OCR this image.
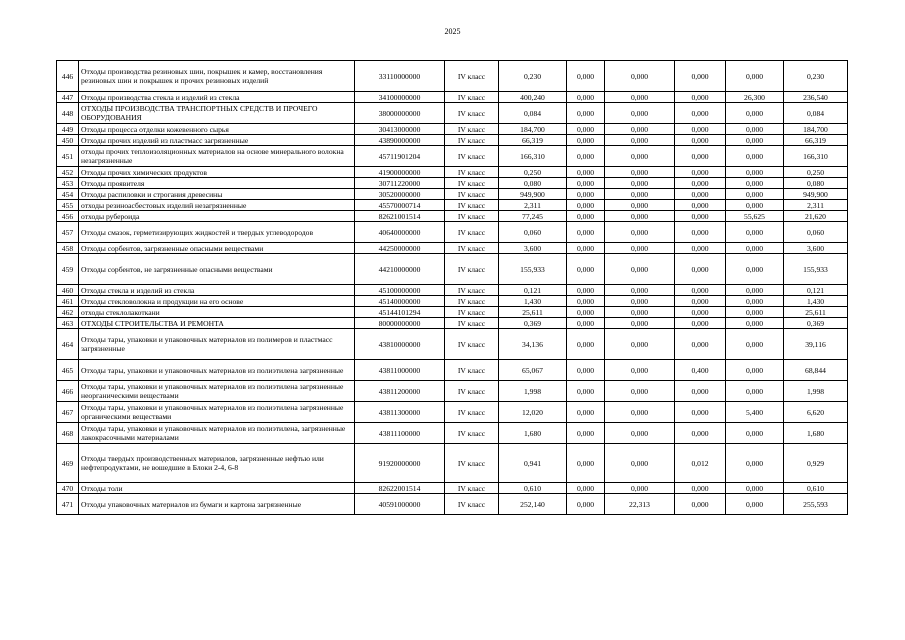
2025
446	Отходы производства резиновых шин, покрышек и камер, восстановления резиновых шин и покрышек и прочих резиновых изделий	33110000000	IV класс	0,230	0,000	0,000	0,000	0,000	0,230
447	Отходы производства стекла и изделий из стекла	34100000000	IV класс	400,240	0,000	0,000	0,000	26,300	236,540
448	ОТХОДЫ ПРОИЗВОДСТВА ТРАНСПОРТНЫХ СРЕДСТВ И ПРОЧЕГО ОБОРУДОВАНИЯ	38000000000	IV класс	0,084	0,000	0,000	0,000	0,000	0,084
449	Отходы процесса отделки кожевенного сырья	30413000000	IV класс	184,700	0,000	0,000	0,000	0,000	184,700
450	Отходы прочих изделий из пластмасс загрязненные	43890000000	IV класс	66,319	0,000	0,000	0,000	0,000	66,319
451	отходы прочих теплоизоляционных материалов на основе минерального волокна незагрязненные	45711901204	IV класс	166,310	0,000	0,000	0,000	0,000	166,310
452	Отходы прочих химических продуктов	41900000000	IV класс	0,250	0,000	0,000	0,000	0,000	0,250
453	Отходы проявителя	30711220000	IV класс	0,080	0,000	0,000	0,000	0,000	0,080
454	Отходы распиловки и строгания древесины	30520000000	IV класс	949,900	0,000	0,000	0,000	0,000	949,900
455	отходы резиноасбестовых изделий незагрязненные	45570000714	IV класс	2,311	0,000	0,000	0,000	0,000	2,311
456	отходы рубероида	82621001514	IV класс	77,245	0,000	0,000	0,000	55,625	21,620
457	Отходы смазок, герметизирующих жидкостей и твердых углеводородов	40640000000	IV класс	0,060	0,000	0,000	0,000	0,000	0,060
458	Отходы сорбентов, загрязненные опасными веществами	44250000000	IV класс	3,600	0,000	0,000	0,000	0,000	3,600
459	Отходы сорбентов, не загрязненные опасными веществами	44210000000	IV класс	155,933	0,000	0,000	0,000	0,000	155,933
460	Отходы стекла и изделий из стекла	45100000000	IV класс	0,121	0,000	0,000	0,000	0,000	0,121
461	Отходы стекловолокна и продукции на его основе	45140000000	IV класс	1,430	0,000	0,000	0,000	0,000	1,430
462	отходы стеклолакоткани	45144101294	IV класс	25,611	0,000	0,000	0,000	0,000	25,611
463	ОТХОДЫ СТРОИТЕЛЬСТВА И РЕМОНТА	80000000000	IV класс	0,369	0,000	0,000	0,000	0,000	0,369
464	Отходы тары, упаковки и упаковочных материалов из полимеров и пластмасс загрязненные	43810000000	IV класс	34,136	0,000	0,000	0,000	0,000	39,116
465	Отходы тары, упаковки и упаковочных материалов из полиэтилена загрязненные	43811000000	IV класс	65,067	0,000	0,000	0,400	0,000	68,844
466	Отходы тары, упаковки и упаковочных материалов из полиэтилена загрязненные неорганическими веществами	43811200000	IV класс	1,998	0,000	0,000	0,000	0,000	1,998
467	Отходы тары, упаковки и упаковочных материалов из полиэтилена загрязненные органическими веществами	43811300000	IV класс	12,020	0,000	0,000	0,000	5,400	6,620
468	Отходы тары, упаковки и упаковочных материалов из полиэтилена, загрязненные лакокрасочными материалами	43811100000	IV класс	1,680	0,000	0,000	0,000	0,000	1,680
469	Отходы твердых производственных материалов, загрязненные нефтью или нефтепродуктами, не вошедшие в Блоки 2-4, 6-8	91920000000	IV класс	0,941	0,000	0,000	0,012	0,000	0,929
470	Отходы толи	82622001514	IV класс	0,610	0,000	0,000	0,000	0,000	0,610
471	Отходы упаковочных материалов из бумаги и картона загрязненные	40591000000	IV класс	252,140	0,000	22,313	0,000	0,000	255,593
